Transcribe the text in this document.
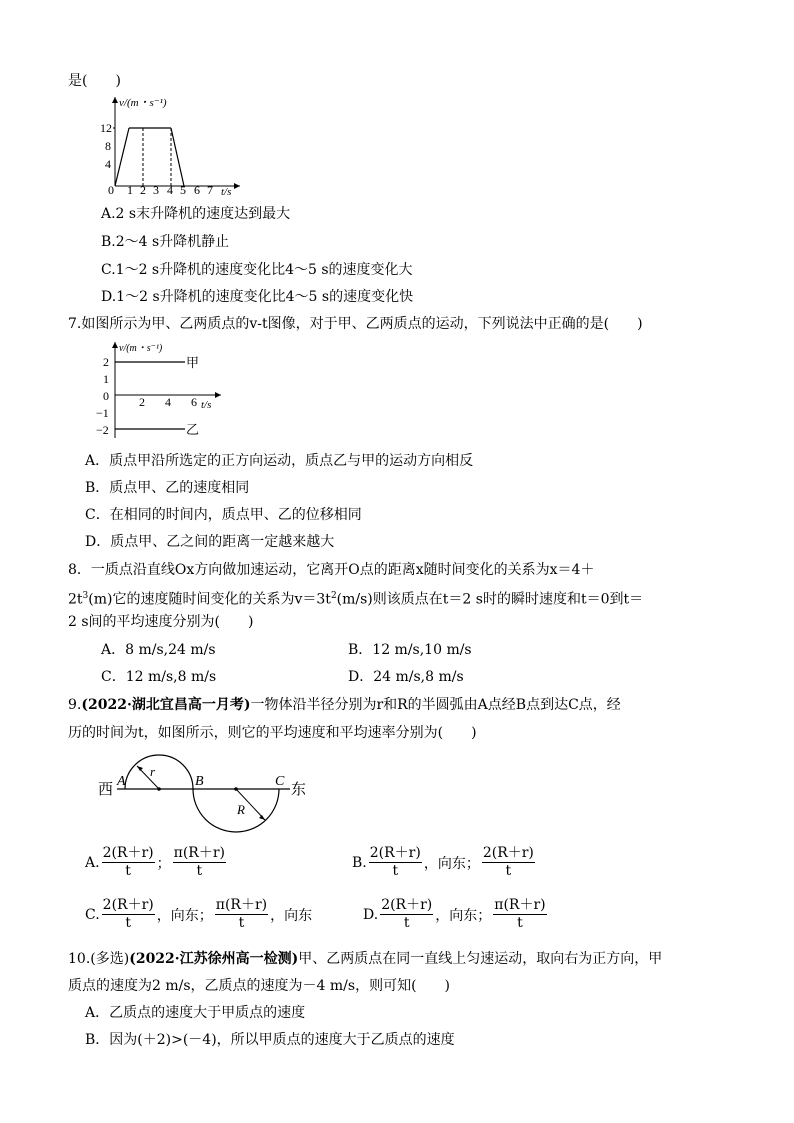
是(　　)
v/(m・s⁻¹)
t/s
12
8
4
0 1 2 3 4 5 6 7
A.2 s末升降机的速度达到最大
B.2～4 s升降机静止
C.1～2 s升降机的速度变化比4～5 s的速度变化大
D.1～2 s升降机的速度变化比4～5 s的速度变化快
7.如图所示为甲、乙两质点的v-t图像，对于甲、乙两质点的运动，下列说法中正确的是(　　)
v/(m・s⁻¹)
t/s
2
1
0
−1
−2
2 4 6
甲
乙
A．质点甲沿所选定的正方向运动，质点乙与甲的运动方向相反
B．质点甲、乙的速度相同
C．在相同的时间内，质点甲、乙的位移相同
D．质点甲、乙之间的距离一定越来越大
8．一质点沿直线Ox方向做加速运动，它离开O点的距离x随时间变化的关系为x＝4＋
$2t^3(m)$它的速度随时间变化的关系为$v=3t^2(m/s)$则该质点在t＝2 s时的瞬时速度和t＝0到t＝
2 s间的平均速度分别为(　　)
A．8 m/s,24 m/s	B．12 m/s,10 m/s
C．12 m/s,8 m/s	D．24 m/s,8 m/s
9.(2022·湖北宜昌高一月考)一物体沿半径分别为r和R的半圆弧由A点经B点到达C点，经
历的时间为t，如图所示，则它的平均速度和平均速率分别为(　　)
西	东
A	B	C
r
R
A. $\frac{2(R+r)}{t}$ ； $\frac{\pi(R+r)}{t}$	B. $\frac{2(R+r)}{t}$ ，向东； $\frac{2(R+r)}{t}$
C. $\frac{2(R+r)}{t}$ ，向东； $\frac{\pi(R+r)}{t}$ ，向东	D. $\frac{2(R+r)}{t}$ ，向东； $\frac{\pi(R+r)}{t}$
10.(多选)(2022·江苏徐州高一检测)甲、乙两质点在同一直线上匀速运动，取向右为正方向，甲
质点的速度为2 m/s，乙质点的速度为－4 m/s，则可知(　　)
A．乙质点的速度大于甲质点的速度
B．因为(＋2)>(－4)，所以甲质点的速度大于乙质点的速度
